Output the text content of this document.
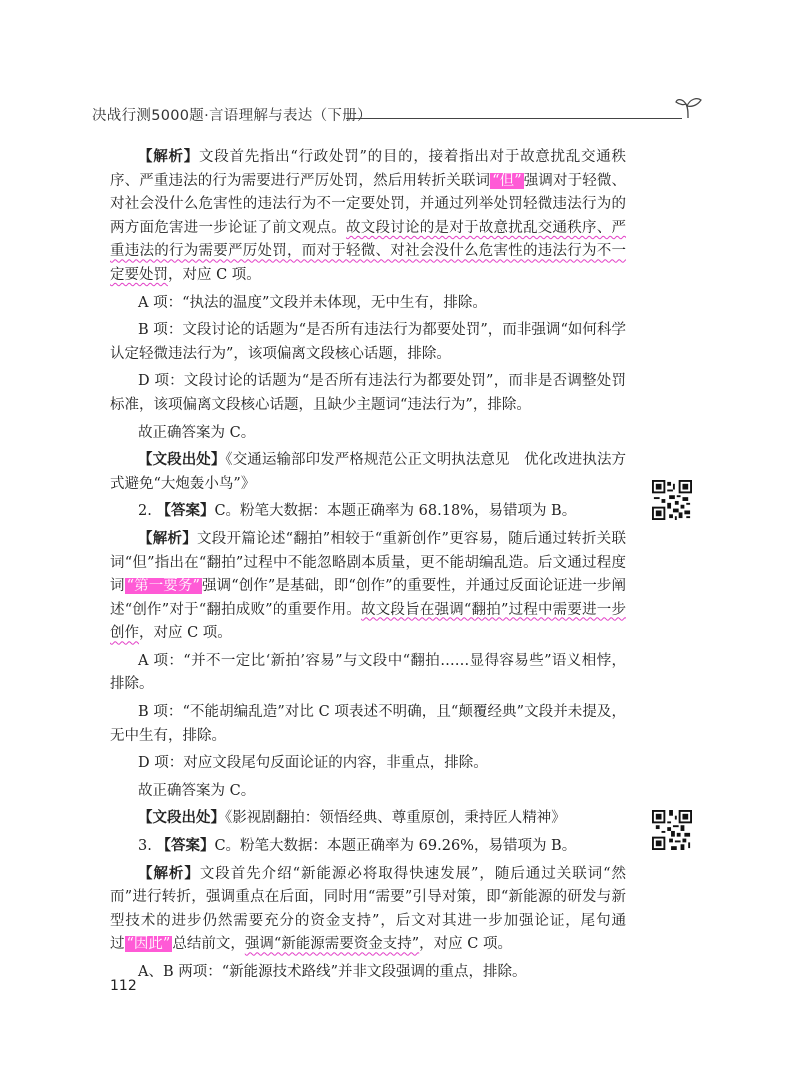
决战行测5000题·言语理解与表达（下册）

【解析】文段首先指出“行政处罚”的目的，接着指出对于故意扰乱交通秩序、严重违法的行为需要进行严厉处罚，然后用转折关联词 “但” 强调对于轻微、对社会没什么危害性的违法行为不一定要处罚，并通过列举处罚轻微违法行为的两方面危害进一步论证了前文观点。故文段讨论的是对于故意扰乱交通秩序、严重违法的行为需要严厉处罚，而对于轻微、对社会没什么危害性的违法行为不一定要处罚，对应 C 项。

A 项：“执法的温度”文段并未体现，无中生有，排除。

B 项：文段讨论的话题为“是否所有违法行为都要处罚”，而非强调“如何科学认定轻微违法行为”，该项偏离文段核心话题，排除。

D 项：文段讨论的话题为“是否所有违法行为都要处罚”，而非是否调整处罚标准，该项偏离文段核心话题，且缺少主题词“违法行为”，排除。

故正确答案为 C。

【文段出处】《交通运输部印发严格规范公正文明执法意见　优化改进执法方式避免“大炮轰小鸟”》

2. 【答案】C。粉笔大数据：本题正确率为 68.18%，易错项为 B。

【解析】文段开篇论述“翻拍”相较于“重新创作”更容易，随后通过转折关联词“但”指出在“翻拍”过程中不能忽略剧本质量，更不能胡编乱造。后文通过程度词 “第一要务” 强调“创作”是基础，即“创作”的重要性，并通过反面论证进一步阐述“创作”对于“翻拍成败”的重要作用。故文段旨在强调“翻拍”过程中需要进一步创作，对应 C 项。

A 项：“并不一定比‘新拍’容易”与文段中“翻拍……显得容易些”语义相悖，排除。

B 项：“不能胡编乱造”对比 C 项表述不明确，且“颠覆经典”文段并未提及，无中生有，排除。

D 项：对应文段尾句反面论证的内容，非重点，排除。

故正确答案为 C。

【文段出处】《影视剧翻拍：领悟经典、尊重原创，秉持匠人精神》

3. 【答案】C。粉笔大数据：本题正确率为 69.26%，易错项为 B。

【解析】文段首先介绍“新能源必将取得快速发展”，随后通过关联词“然而”进行转折，强调重点在后面，同时用“需要”引导对策，即“新能源的研发与新型技术的进步仍然需要充分的资金支持”，后文对其进一步加强论证，尾句通过 “因此” 总结前文，强调“新能源需要资金支持”，对应 C 项。

A、B 两项：“新能源技术路线”并非文段强调的重点，排除。

112
